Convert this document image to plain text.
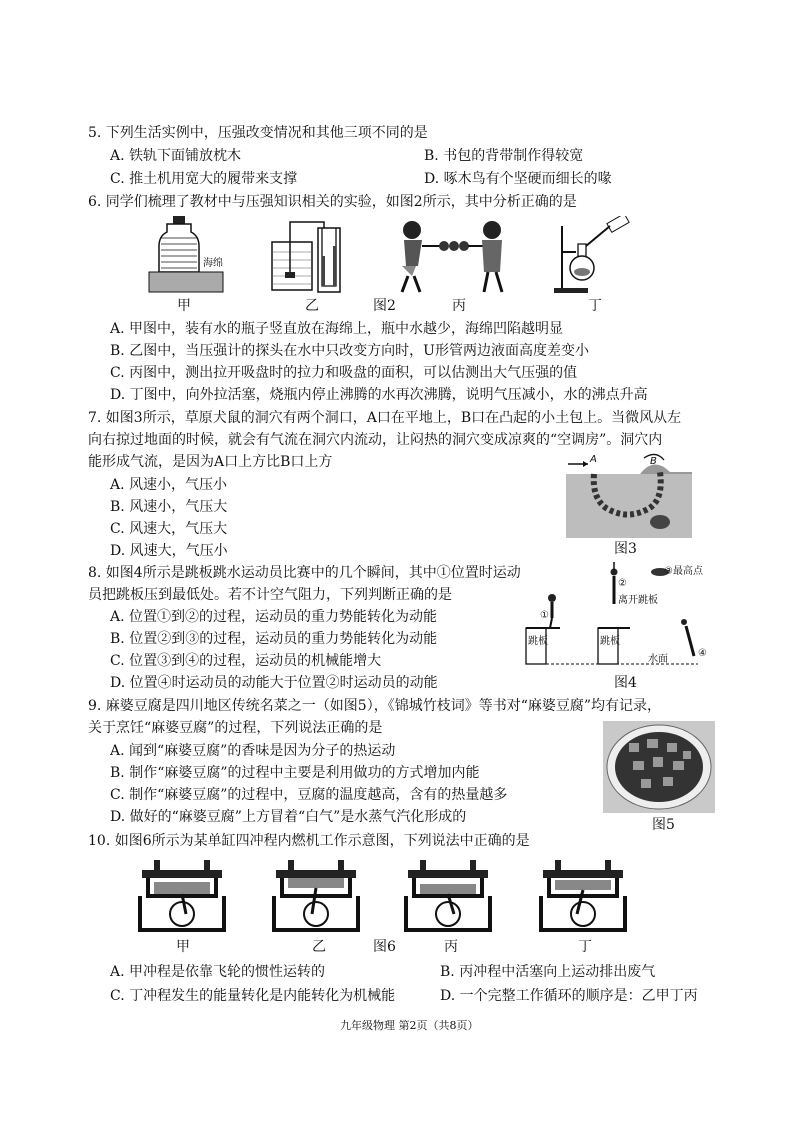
5. 下列生活实例中，压强改变情况和其他三项不同的是
A. 铁轨下面铺放枕木	B. 书包的背带制作得较宽
C. 推土机用宽大的履带来支撑	D. 啄木鸟有个坚硬而细长的喙
6. 同学们梳理了教材中与压强知识相关的实验，如图2所示，其中分析正确的是
海绵
甲	乙	图2	丙	丁
A. 甲图中，装有水的瓶子竖直放在海绵上，瓶中水越少，海绵凹陷越明显
B. 乙图中，当压强计的探头在水中只改变方向时，U形管两边液面高度差变小
C. 丙图中，测出拉开吸盘时的拉力和吸盘的面积，可以估测出大气压强的值
D. 丁图中，向外拉活塞，烧瓶内停止沸腾的水再次沸腾，说明气压减小，水的沸点升高
7. 如图3所示，草原犬鼠的洞穴有两个洞口，A口在平地上，B口在凸起的小土包上。当微风从左
向右掠过地面的时候，就会有气流在洞穴内流动，让闷热的洞穴变成凉爽的“空调房”。洞穴内
能形成气流，是因为A口上方比B口上方
A. 风速小，气压小
B. 风速小，气压大
C. 风速大，气压大
D. 风速大，气压小
A	B
图3
8. 如图4所示是跳板跳水运动员比赛中的几个瞬间，其中①位置时运动
员把跳板压到最低处。若不计空气阻力，下列判断正确的是
A. 位置①到②的过程，运动员的重力势能转化为动能
B. 位置②到③的过程，运动员的重力势能转化为动能
C. 位置③到④的过程，运动员的机械能增大
D. 位置④时运动员的动能大于位置②时运动员的动能
③最高点
②
离开跳板
①
跳板	跳板
水面
④
图4
9. 麻婆豆腐是四川地区传统名菜之一（如图5），《锦城竹枝词》等书对“麻婆豆腐”均有记录，
关于烹饪“麻婆豆腐”的过程，下列说法正确的是
A. 闻到“麻婆豆腐”的香味是因为分子的热运动
B. 制作“麻婆豆腐”的过程中主要是利用做功的方式增加内能
C. 制作“麻婆豆腐”的过程中，豆腐的温度越高，含有的热量越多
D. 做好的“麻婆豆腐”上方冒着“白气”是水蒸气汽化形成的	图5
10. 如图6所示为某单缸四冲程内燃机工作示意图，下列说法中正确的是
甲	乙	图6	丙	丁
A. 甲冲程是依靠飞轮的惯性运转的	B. 丙冲程中活塞向上运动排出废气
C. 丁冲程发生的能量转化是内能转化为机械能	D. 一个完整工作循环的顺序是：乙甲丁丙
九年级物理 第2页（共8页）
